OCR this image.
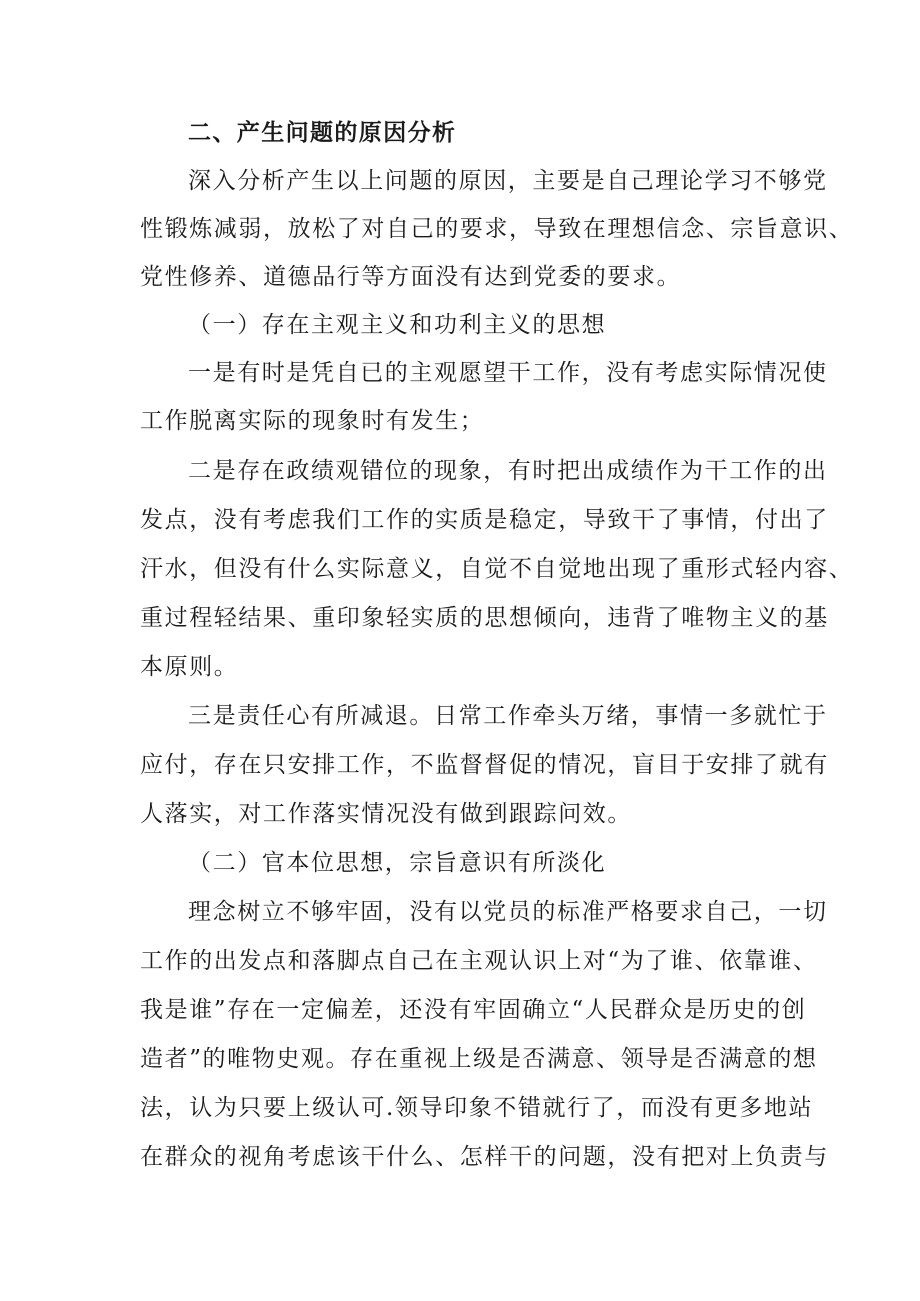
二、产生问题的原因分析
深入分析产生以上问题的原因，主要是自己理论学习不够党
性锻炼减弱，放松了对自己的要求，导致在理想信念、宗旨意识、
党性修养、道德品行等方面没有达到党委的要求。
（一）存在主观主义和功利主义的思想
一是有时是凭自已的主观愿望干工作，没有考虑实际情况使
工作脱离实际的现象时有发生；
二是存在政绩观错位的现象，有时把出成绩作为干工作的出
发点，没有考虑我们工作的实质是稳定，导致干了事情，付出了
汗水，但没有什么实际意义，自觉不自觉地出现了重形式轻内容、
重过程轻结果、重印象轻实质的思想倾向，违背了唯物主义的基
本原则。
三是责任心有所减退。日常工作牵头万绪，事情一多就忙于
应付，存在只安排工作，不监督督促的情况，盲目于安排了就有
人落实，对工作落实情况没有做到跟踪问效。
（二）官本位思想，宗旨意识有所淡化
理念树立不够牢固，没有以党员的标准严格要求自己，一切
工作的出发点和落脚点自己在主观认识上对“为了谁、依靠谁、
我是谁”存在一定偏差，还没有牢固确立“人民群众是历史的创
造者”的唯物史观。存在重视上级是否满意、领导是否满意的想
法，认为只要上级认可.领导印象不错就行了，而没有更多地站
在群众的视角考虑该干什么、怎样干的问题，没有把对上负责与
